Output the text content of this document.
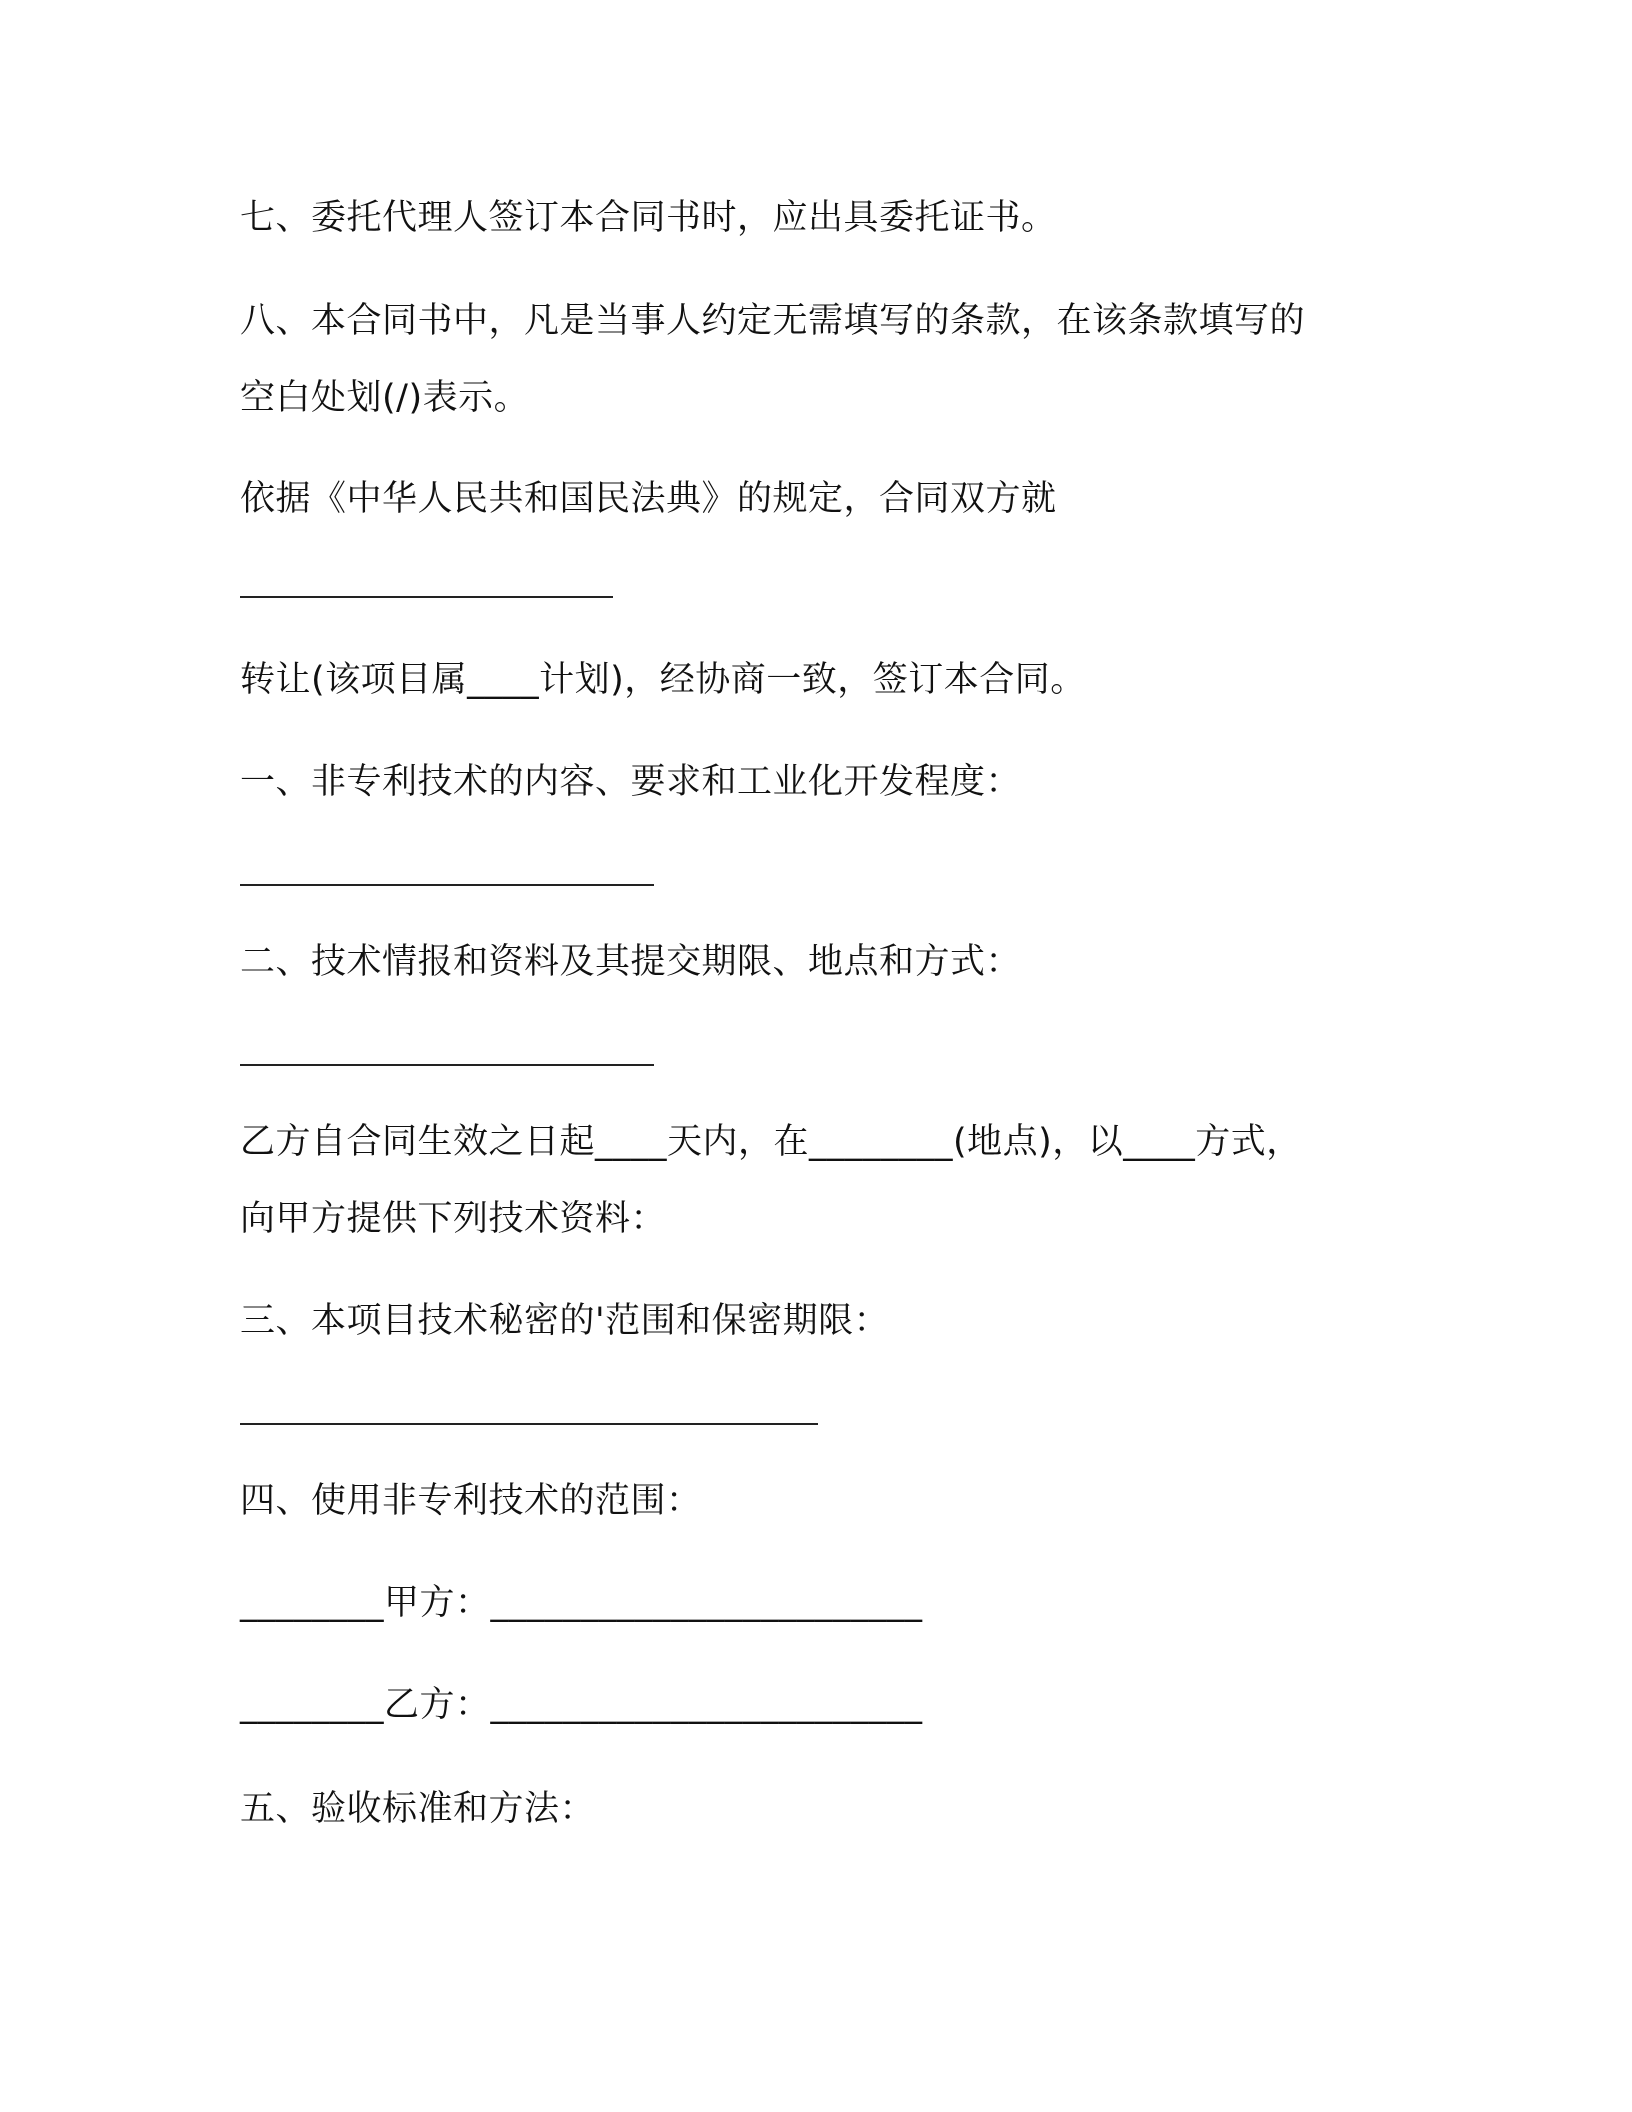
七、委托代理人签订本合同书时，应出具委托证书。
八、本合同书中，凡是当事人约定无需填写的条款，在该条款填写的
空白处划(/)表示。
依据《中华人民共和国民法典》的规定，合同双方就
转让(该项目属____计划)，经协商一致，签订本合同。
一、非专利技术的内容、要求和工业化开发程度：
二、技术情报和资料及其提交期限、地点和方式：
乙方自合同生效之日起____天内，在________(地点)，以____方式，
向甲方提供下列技术资料：
三、本项目技术秘密的'范围和保密期限：
四、使用非专利技术的范围：
________甲方：________________________
________乙方：________________________
五、验收标准和方法：
